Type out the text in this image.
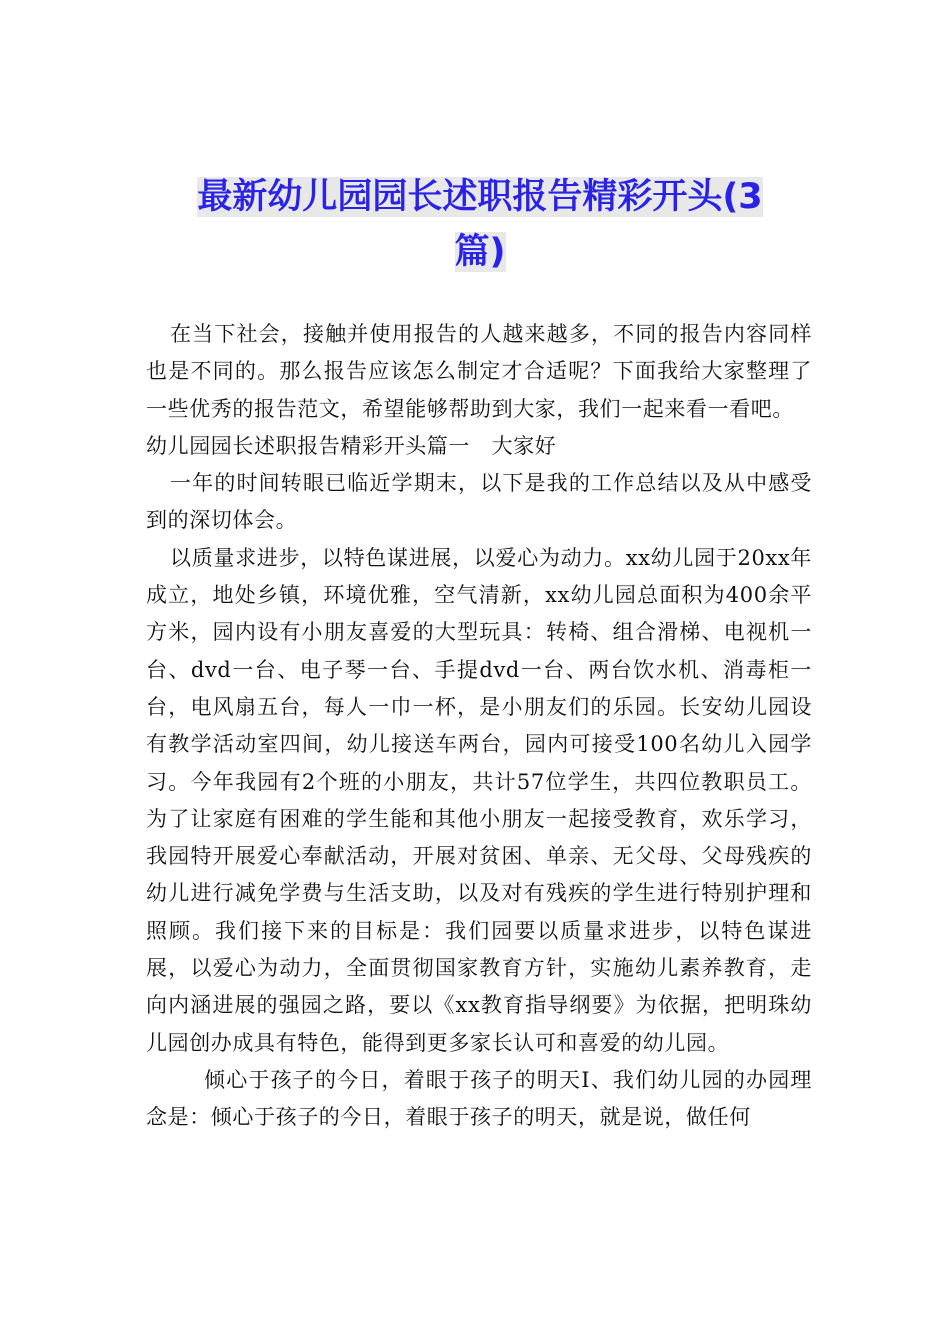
最新幼儿园园长述职报告精彩开头(3
篇)

在当下社会，接触并使用报告的人越来越多，不同的报告内容同样也是不同的。那么报告应该怎么制定才合适呢？下面我给大家整理了一些优秀的报告范文，希望能够帮助到大家，我们一起来看一看吧。

幼儿园园长述职报告精彩开头篇一　大家好

一年的时间转眼已临近学期末，以下是我的工作总结以及从中感受到的深切体会。

以质量求进步，以特色谋进展，以爱心为动力。xx幼儿园于20xx年成立，地处乡镇，环境优雅，空气清新，xx幼儿园总面积为400余平方米，园内设有小朋友喜爱的大型玩具：转椅、组合滑梯、电视机一台、dvd一台、电子琴一台、手提dvd一台、两台饮水机、消毒柜一台，电风扇五台，每人一巾一杯，是小朋友们的乐园。长安幼儿园设有教学活动室四间，幼儿接送车两台，园内可接受100名幼儿入园学习。今年我园有2个班的小朋友，共计57位学生，共四位教职员工。为了让家庭有困难的学生能和其他小朋友一起接受教育，欢乐学习，我园特开展爱心奉献活动，开展对贫困、单亲、无父母、父母残疾的幼儿进行减免学费与生活支助，以及对有残疾的学生进行特别护理和照顾。我们接下来的目标是：我们园要以质量求进步，以特色谋进展，以爱心为动力，全面贯彻国家教育方针，实施幼儿素养教育，走向内涵进展的强园之路，要以《xx教育指导纲要》为依据，把明珠幼儿园创办成具有特色，能得到更多家长认可和喜爱的幼儿园。

倾心于孩子的今日，着眼于孩子的明天Ⅰ、我们幼儿园的办园理念是：倾心于孩子的今日，着眼于孩子的明天，就是说，做任何
